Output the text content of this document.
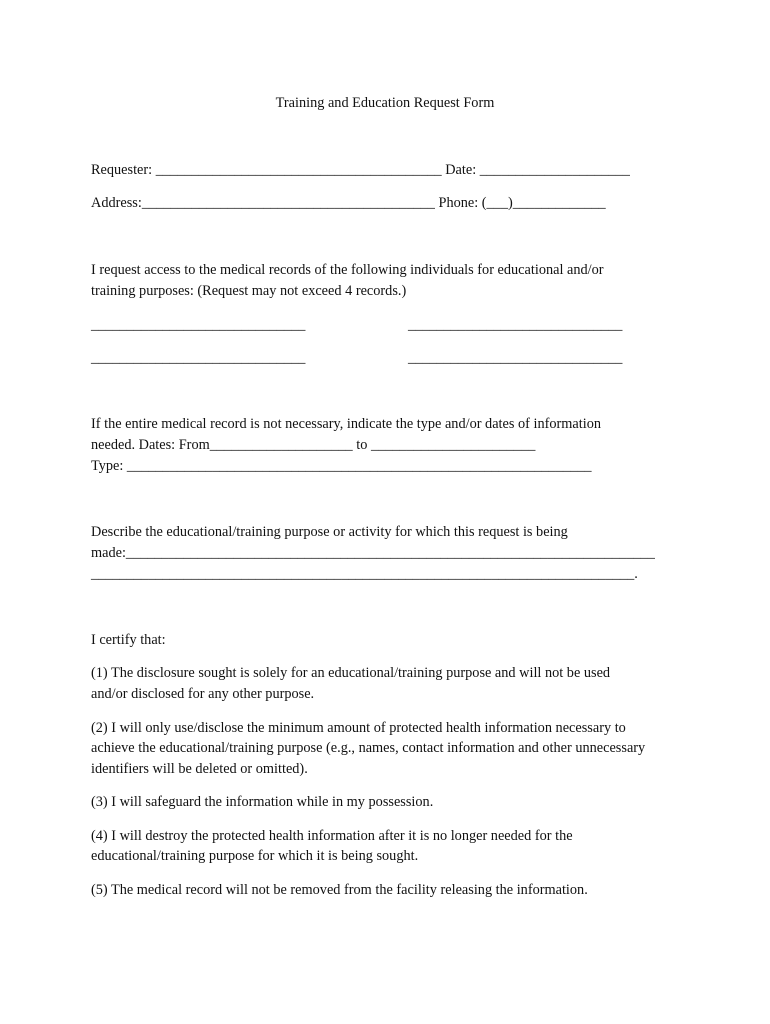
Training and Education Request Form

Requester: ________________________________________ Date: _____________________

Address:_________________________________________ Phone: (___)_____________

I request access to the medical records of the following individuals for educational and/or

training purposes: (Request may not exceed 4 records.)

______________________________	______________________________

______________________________	______________________________

If the entire medical record is not necessary, indicate the type and/or dates of information

needed. Dates: From____________________ to _______________________

Type: _________________________________________________________________

Describe the educational/training purpose or activity for which this request is being

made:__________________________________________________________________________

____________________________________________________________________________.

I certify that:

(1) The disclosure sought is solely for an educational/training purpose and will not be used

and/or disclosed for any other purpose.

(2) I will only use/disclose the minimum amount of protected health information necessary to

achieve the educational/training purpose (e.g., names, contact information and other unnecessary

identifiers will be deleted or omitted).

(3) I will safeguard the information while in my possession.

(4) I will destroy the protected health information after it is no longer needed for the

educational/training purpose for which it is being sought.

(5) The medical record will not be removed from the facility releasing the information.
